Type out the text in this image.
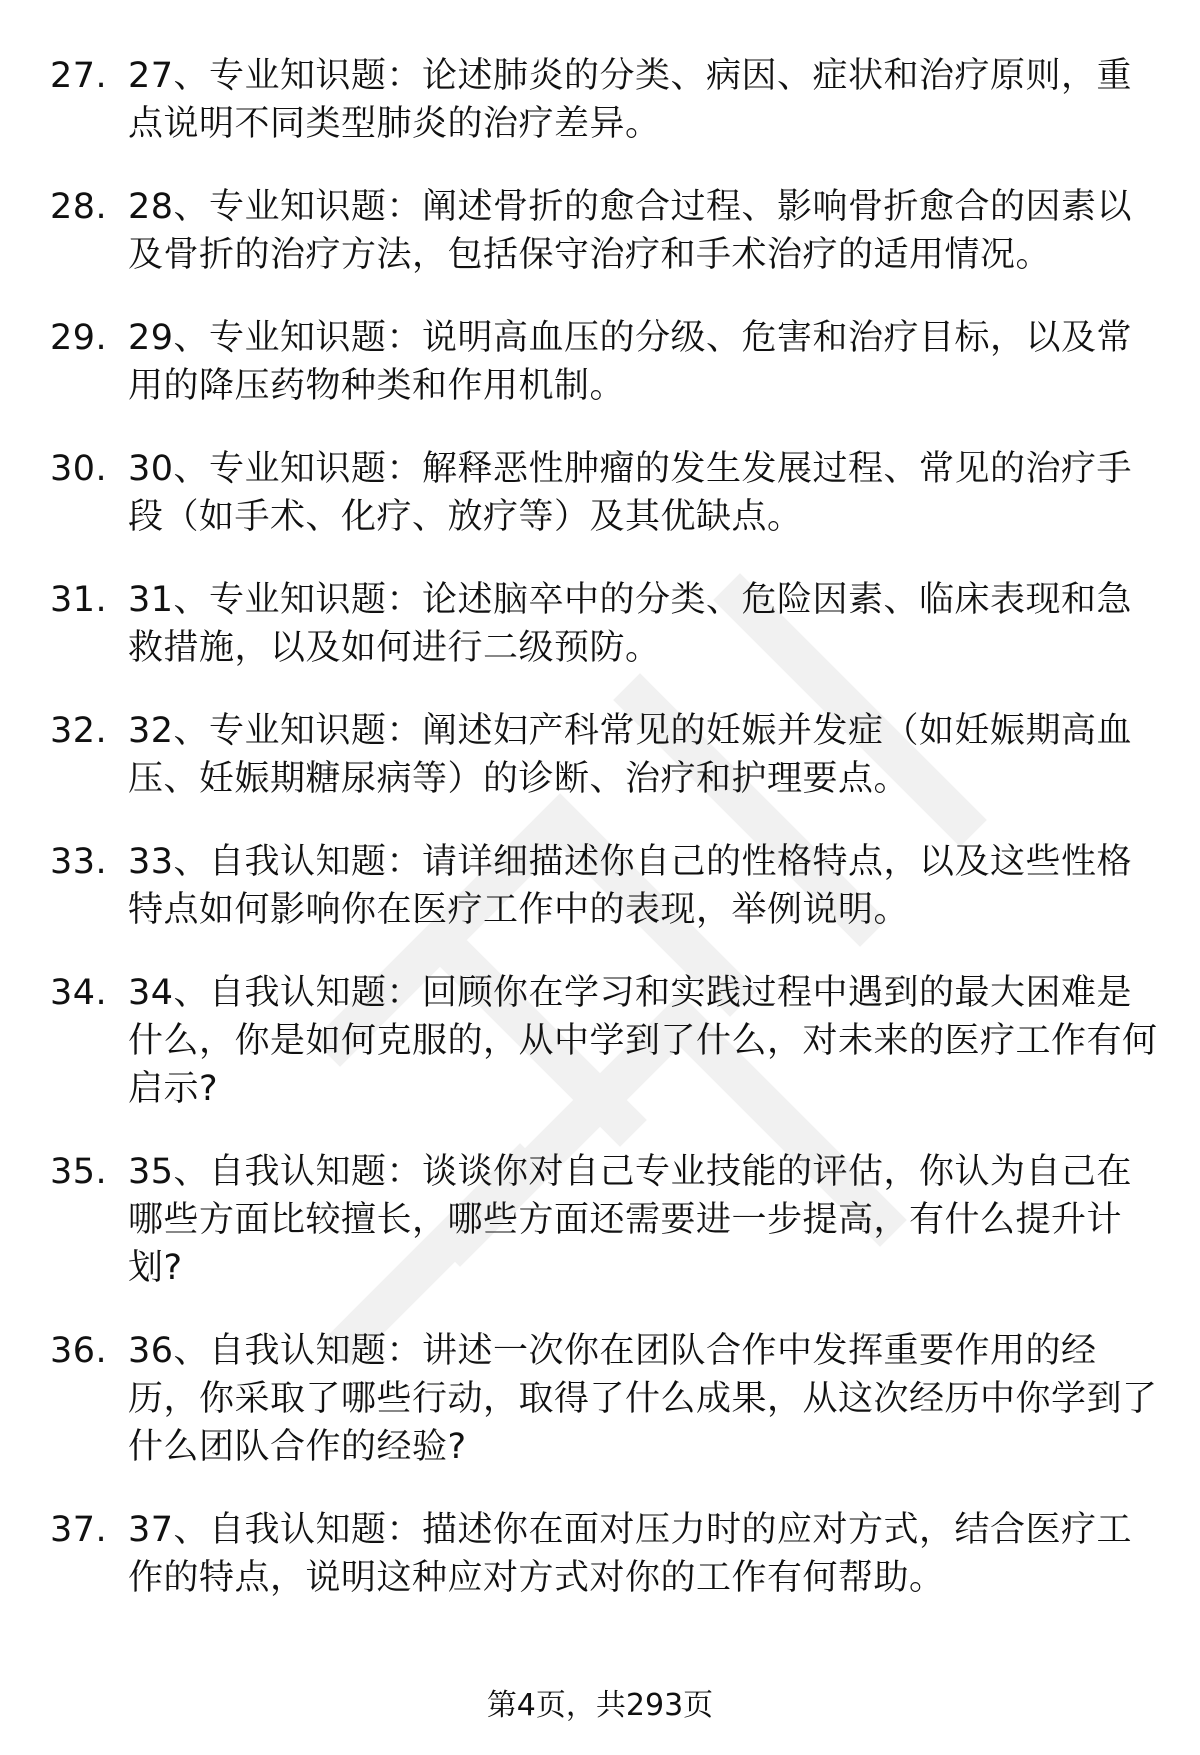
27. 27、专业知识题：论述肺炎的分类、病因、症状和治疗原则，重点说明不同类型肺炎的治疗差异。
28. 28、专业知识题：阐述骨折的愈合过程、影响骨折愈合的因素以及骨折的治疗方法，包括保守治疗和手术治疗的适用情况。
29. 29、专业知识题：说明高血压的分级、危害和治疗目标，以及常用的降压药物种类和作用机制。
30. 30、专业知识题：解释恶性肿瘤的发生发展过程、常见的治疗手段（如手术、化疗、放疗等）及其优缺点。
31. 31、专业知识题：论述脑卒中的分类、危险因素、临床表现和急救措施，以及如何进行二级预防。
32. 32、专业知识题：阐述妇产科常见的妊娠并发症（如妊娠期高血压、妊娠期糖尿病等）的诊断、治疗和护理要点。
33. 33、自我认知题：请详细描述你自己的性格特点，以及这些性格特点如何影响你在医疗工作中的表现，举例说明。
34. 34、自我认知题：回顾你在学习和实践过程中遇到的最大困难是什么，你是如何克服的，从中学到了什么，对未来的医疗工作有何启示?
35. 35、自我认知题：谈谈你对自己专业技能的评估，你认为自己在哪些方面比较擅长，哪些方面还需要进一步提高，有什么提升计划?
36. 36、自我认知题：讲述一次你在团队合作中发挥重要作用的经历，你采取了哪些行动，取得了什么成果，从这次经历中你学到了什么团队合作的经验?
37. 37、自我认知题：描述你在面对压力时的应对方式，结合医疗工作的特点，说明这种应对方式对你的工作有何帮助。
第4页，共293页
